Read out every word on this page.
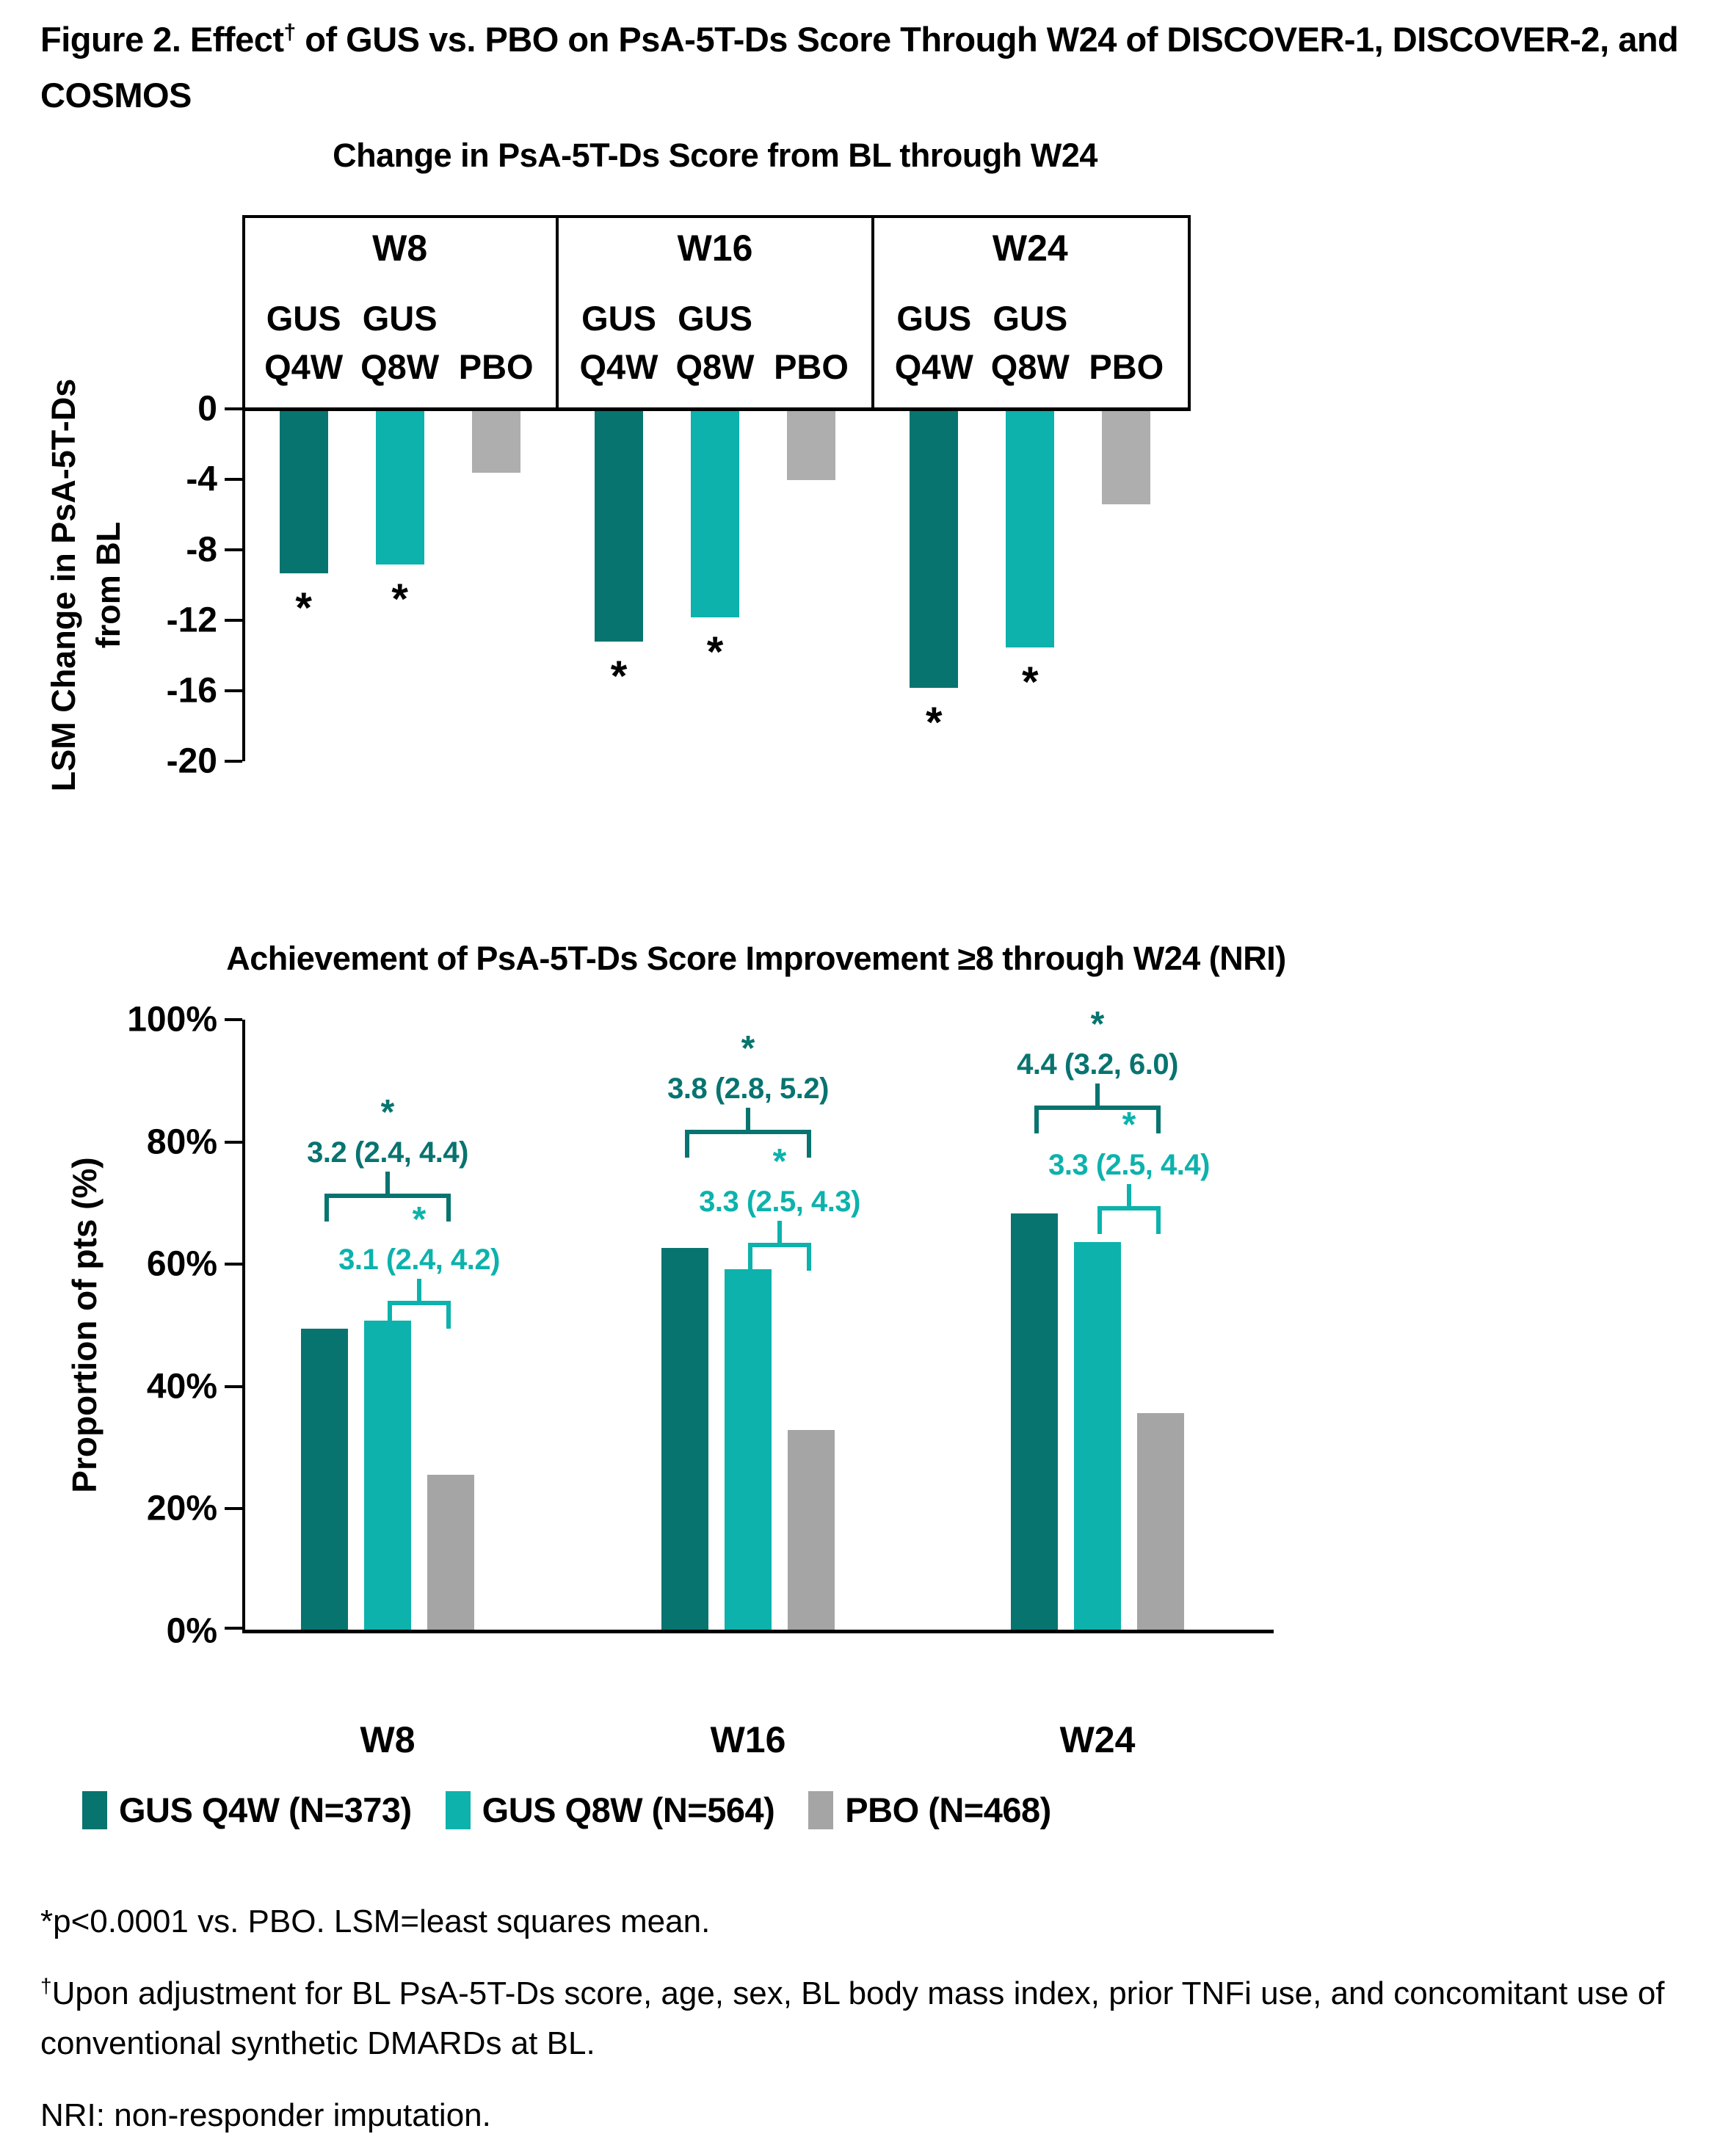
Figure 2. Effect† of GUS vs. PBO on PsA-5T-Ds Score Through W24 of DISCOVER-1, DISCOVER-2, and COSMOS
Change in PsA-5T-Ds Score from BL through W24
LSM Change in PsA-5T-Ds from BL
W8
GUS
Q4W
GUS
Q8W
PBO
W16
GUS
Q4W
GUS
Q8W
PBO
W24
GUS
Q4W
GUS
Q8W
PBO
0
-4
-8
-12
-16
-20
*	*
*
*
*
*
Achievement of PsA-5T-Ds Score Improvement ≥8 through W24 (NRI)
Proportion of pts (%)
100%
80%
60%
40%
20%
0%
W8	W16	W24
3.2 (2.4, 4.4)
*
3.1 (2.4, 4.2)
*
3.8 (2.8, 5.2)
*
3.3 (2.5, 4.3)
*
4.4 (3.2, 6.0)
*
3.3 (2.5, 4.4)
*
GUS Q4W (N=373) GUS Q8W (N=564) PBO (N=468)
*p<0.0001 vs. PBO. LSM=least squares mean.
†Upon adjustment for BL PsA-5T-Ds score, age, sex, BL body mass index, prior TNFi use, and concomitant use of conventional synthetic DMARDs at BL.
NRI: non-responder imputation.
